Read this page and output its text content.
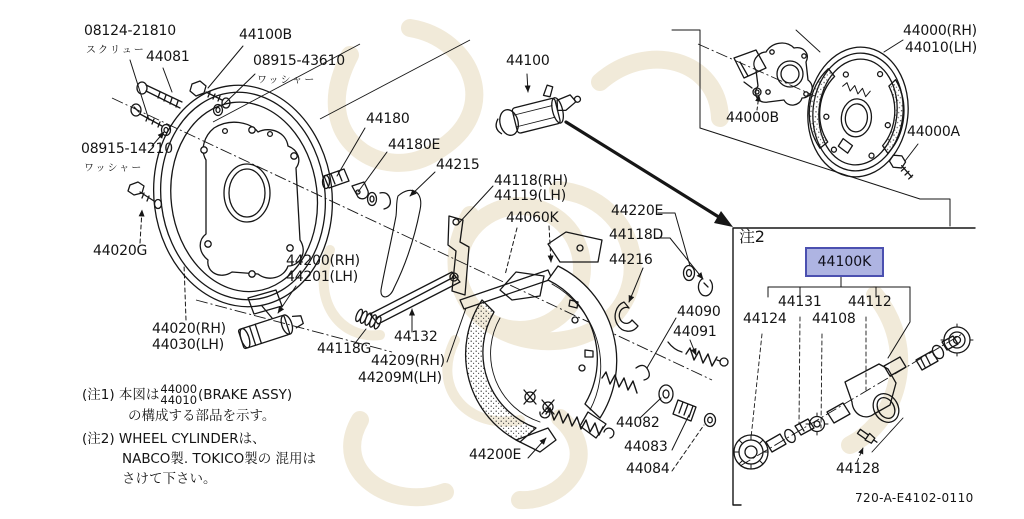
08124-21810
スクリュー 44081
44100B
08915-43610
ワッシャー
08915-14210
ワッシャー
44020G
44180
44180E
44215
44100
44118(RH)
44119(LH)
44060K	44220E
44118D
44216
44090
44091
44200(RH)
44201(LH)
44020(RH)
44030(LH)	44118G
44132
44209(RH)
44209M(LH)
44200E
44082
44083
44084
44000(RH)
44010(LH)
44000B
44000A
注2
44100K
44131 44112
44124 44108
44128
(注1) 本図は 44000
44010 (BRAKE ASSY)
の構成する部品を示す。
(注2) WHEEL CYLINDERは、
NABCO製. TOKICO製の 混用は
さけて下さい。
720-A-E4102-0110
